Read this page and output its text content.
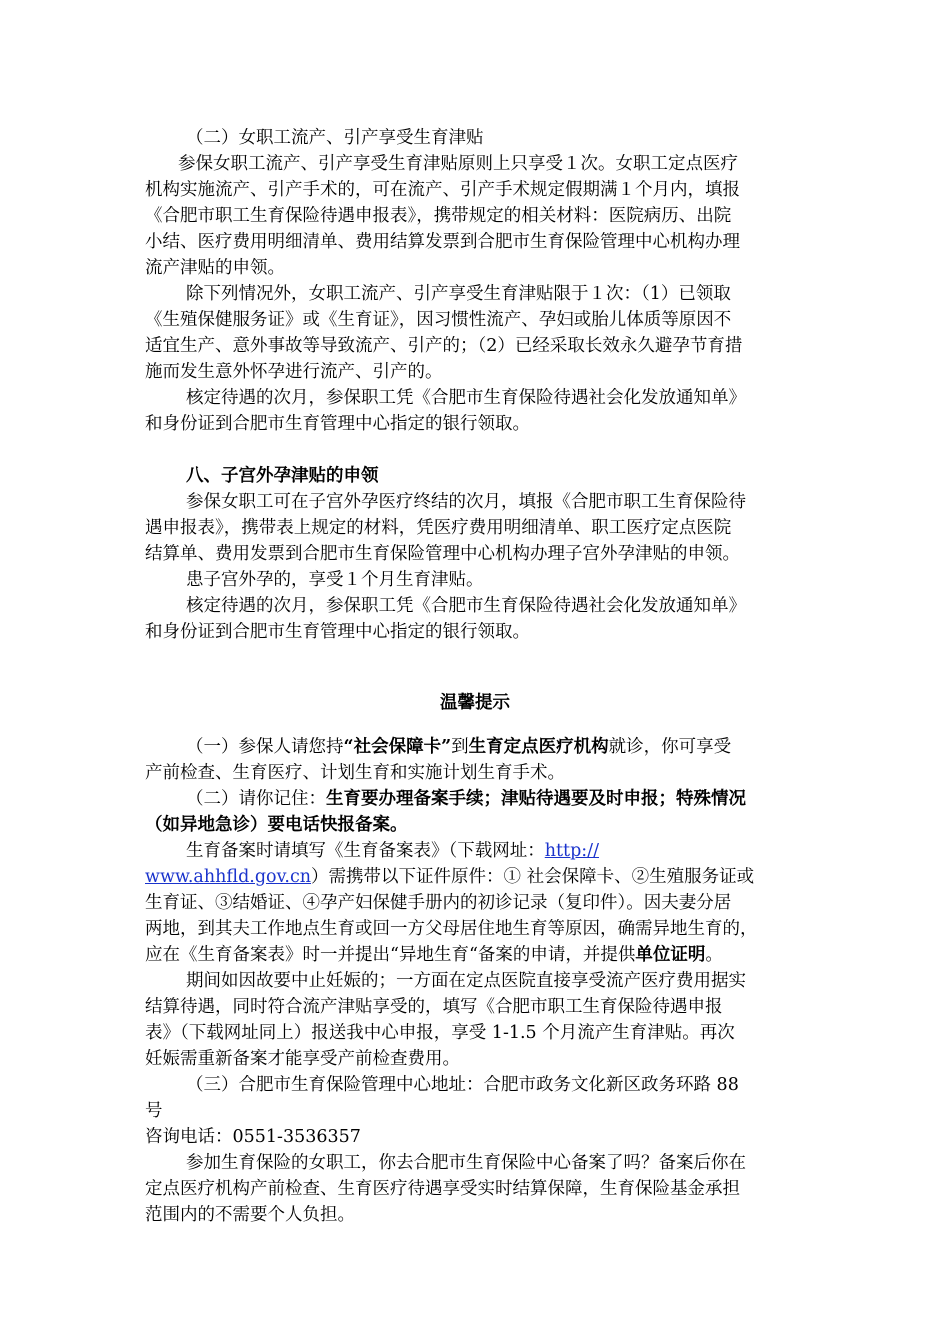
（二）女职工流产、引产享受生育津贴
参保女职工流产、引产享受生育津贴原则上只享受１次。女职工定点医疗
机构实施流产、引产手术的，可在流产、引产手术规定假期满１个月内，填报
《合肥市职工生育保险待遇申报表》，携带规定的相关材料：医院病历、出院
小结、医疗费用明细清单、费用结算发票到合肥市生育保险管理中心机构办理
流产津贴的申领。
除下列情况外，女职工流产、引产享受生育津贴限于１次：（1）已领取
《生殖保健服务证》或《生育证》，因习惯性流产、孕妇或胎儿体质等原因不
适宜生产、意外事故等导致流产、引产的；（2）已经采取长效永久避孕节育措
施而发生意外怀孕进行流产、引产的。
核定待遇的次月，参保职工凭《合肥市生育保险待遇社会化发放通知单》
和身份证到合肥市生育管理中心指定的银行领取。
八、子宫外孕津贴的申领
参保女职工可在子宫外孕医疗终结的次月，填报《合肥市职工生育保险待
遇申报表》，携带表上规定的材料，凭医疗费用明细清单、职工医疗定点医院
结算单、费用发票到合肥市生育保险管理中心机构办理子宫外孕津贴的申领。
患子宫外孕的，享受１个月生育津贴。
核定待遇的次月，参保职工凭《合肥市生育保险待遇社会化发放通知单》
和身份证到合肥市生育管理中心指定的银行领取。
温馨提示
（一）参保人请您持“社会保障卡”到生育定点医疗机构就诊，你可享受
产前检查、生育医疗、计划生育和实施计划生育手术。
（二）请你记住：生育要办理备案手续；津贴待遇要及时申报；特殊情况
（如异地急诊）要电话快报备案。
生育备案时请填写《生育备案表》（下载网址：http://
www.ahhfld.gov.cn）需携带以下证件原件：① 社会保障卡、②生殖服务证或
生育证、③结婚证、④孕产妇保健手册内的初诊记录（复印件）。因夫妻分居
两地，到其夫工作地点生育或回一方父母居住地生育等原因，确需异地生育的，
应在《生育备案表》时一并提出“异地生育“备案的申请，并提供单位证明。
期间如因故要中止妊娠的；一方面在定点医院直接享受流产医疗费用据实
结算待遇，同时符合流产津贴享受的，填写《合肥市职工生育保险待遇申报
表》（下载网址同上）报送我中心申报，享受 1-1.5 个月流产生育津贴。再次
妊娠需重新备案才能享受产前检查费用。
（三）合肥市生育保险管理中心地址：合肥市政务文化新区政务环路 88
号
咨询电话：0551-3536357
参加生育保险的女职工，你去合肥市生育保险中心备案了吗？备案后你在
定点医疗机构产前检查、生育医疗待遇享受实时结算保障，生育保险基金承担
范围内的不需要个人负担。
